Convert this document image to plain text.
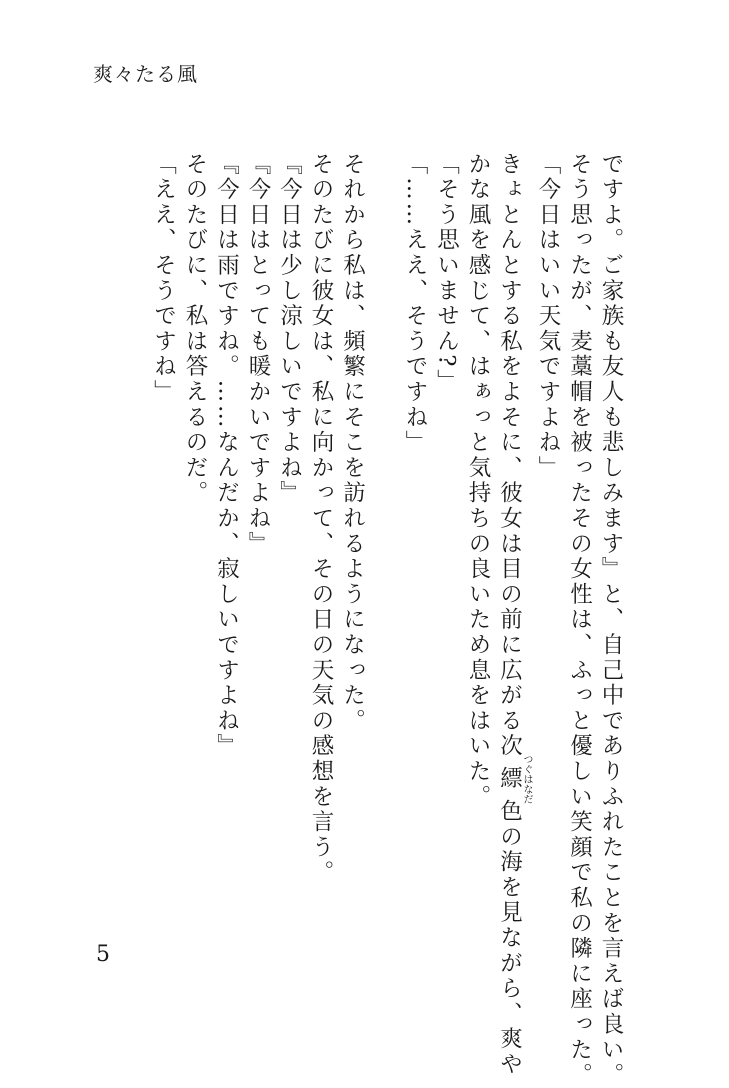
爽々たる風
ですよ。ご家族も友人も悲しみます』と、自己中でありふれたことを言えば良い。
そう思ったが、麦藁帽を被ったその女性は、ふっと優しい笑顔で私の隣に座った。
「今日はいい天気ですよね」
きょとんとする私をよそに、彼女は目の前に広がる次縹つぐはなだ色の海を見ながら、爽や
かな風を感じて、はぁっと気持ちの良いため息をはいた。
「そう思いません?」
「……ええ、そうですね」
それから私は、頻繁にそこを訪れるようになった。
そのたびに彼女は、私に向かって、その日の天気の感想を言う。
『今日は少し涼しいですよね』
『今日はとっても暖かいですよね』
『今日は雨ですね。……なんだか、寂しいですよね』
そのたびに、私は答えるのだ。
「ええ、そうですね」
5
